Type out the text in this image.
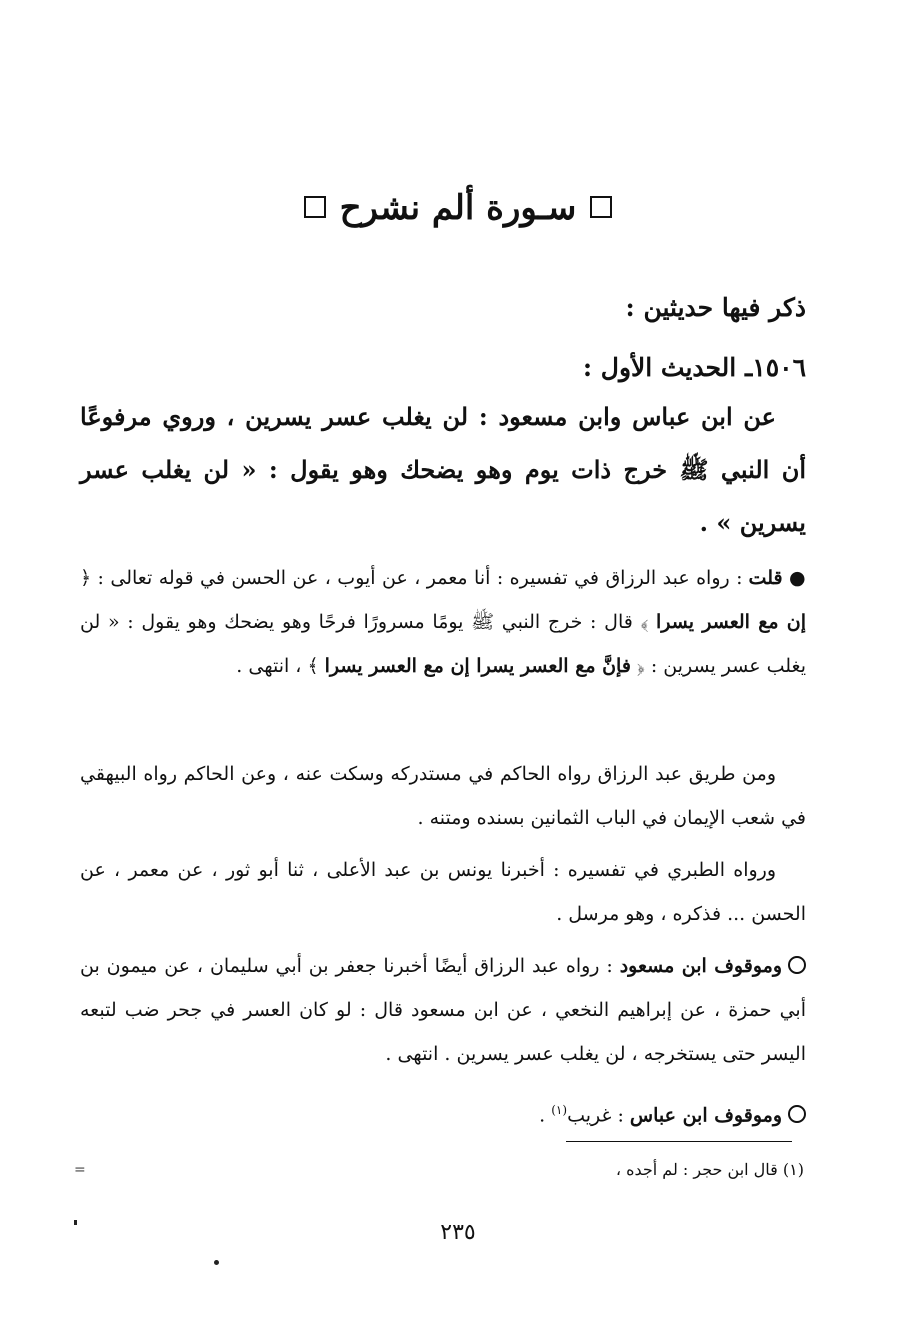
سـورة ألم نشرح
ذكر فيها حديثين :
١٥٠٦ـ الحديث الأول :
عن ابن عباس وابن مسعود : لن يغلب عسر يسرين ، وروي مرفوعًا أن النبي ﷺ خرج ذات يوم وهو يضحك وهو يقول : « لن يغلب عسر يسرين » .
● قلت : رواه عبد الرزاق في تفسيره : أنا معمر ، عن أيوب ، عن الحسن في قوله تعالى : ﴿ إن مع العسر يسرا ﴾ قال : خرج النبي ﷺ يومًا مسرورًا فرحًا وهو يضحك وهو يقول : « لن يغلب عسر يسرين : ﴿ فإنَّ مع العسر يسرا إن مع العسر يسرا ﴾ ، انتهى .
ومن طريق عبد الرزاق رواه الحاكم في مستدركه وسكت عنه ، وعن الحاكم رواه البيهقي في شعب الإيمان في الباب الثمانين بسنده ومتنه .
ورواه الطبري في تفسيره : أخبرنا يونس بن عبد الأعلى ، ثنا أبو ثور ، عن معمر ، عن الحسن ... فذكره ، وهو مرسل .
وموقوف ابن مسعود : رواه عبد الرزاق أيضًا أخبرنا جعفر بن أبي سليمان ، عن ميمون بن أبي حمزة ، عن إبراهيم النخعي ، عن ابن مسعود قال : لو كان العسر في جحر ضب لتبعه اليسر حتى يستخرجه ، لن يغلب عسر يسرين . انتهى .
وموقوف ابن عباس : غريب$^{(١)}$ .
(١) قال ابن حجر : لم أجده ،
=
٢٣٥
